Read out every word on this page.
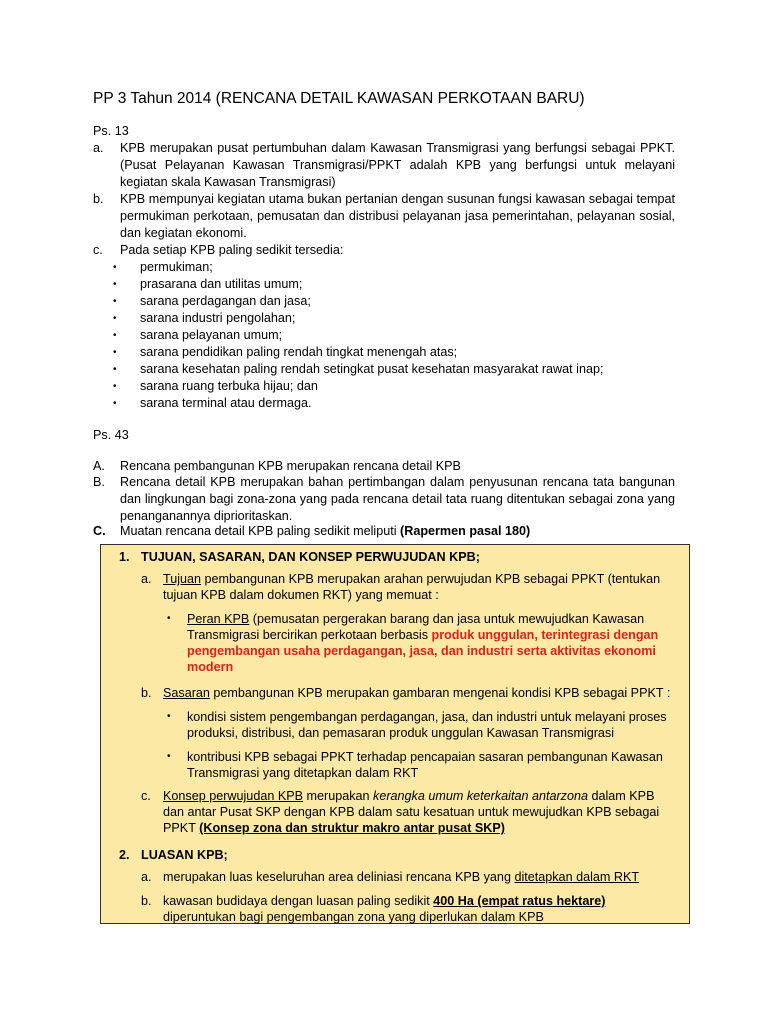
PP 3 Tahun 2014 (RENCANA DETAIL KAWASAN PERKOTAAN BARU)
Ps. 13
a.	KPB merupakan pusat pertumbuhan dalam Kawasan Transmigrasi yang berfungsi sebagai PPKT. (Pusat Pelayanan Kawasan Transmigrasi/PPKT adalah KPB yang berfungsi untuk melayani kegiatan skala Kawasan Transmigrasi)
b.	KPB mempunyai kegiatan utama bukan pertanian dengan susunan fungsi kawasan sebagai tempat permukiman perkotaan, pemusatan dan distribusi pelayanan jasa pemerintahan, pelayanan sosial, dan kegiatan ekonomi.
c.	Pada setiap KPB paling sedikit tersedia:
•	permukiman;
•	prasarana dan utilitas umum;
•	sarana perdagangan dan jasa;
•	sarana industri pengolahan;
•	sarana pelayanan umum;
•	sarana pendidikan paling rendah tingkat menengah atas;
•	sarana kesehatan paling rendah setingkat pusat kesehatan masyarakat rawat inap;
•	sarana ruang terbuka hijau; dan
•	sarana terminal atau dermaga.
Ps. 43
A.	Rencana pembangunan KPB merupakan rencana detail KPB
B.	Rencana detail KPB merupakan bahan pertimbangan dalam penyusunan rencana tata bangunan dan lingkungan bagi zona-zona yang pada rencana detail tata ruang ditentukan sebagai zona yang penanganannya diprioritaskan.
C.	Muatan rencana detail KPB paling sedikit meliputi (Rapermen pasal 180)
1. TUJUAN, SASARAN, DAN KONSEP PERWUJUDAN KPB;
a. Tujuan pembangunan KPB merupakan arahan perwujudan KPB sebagai PPKT (tentukan tujuan KPB dalam dokumen RKT) yang memuat :
•	Peran KPB (pemusatan pergerakan barang dan jasa untuk mewujudkan Kawasan Transmigrasi bercirikan perkotaan berbasis produk unggulan, terintegrasi dengan pengembangan usaha perdagangan, jasa, dan industri serta aktivitas ekonomi modern
b. Sasaran pembangunan KPB merupakan gambaran mengenai kondisi KPB sebagai PPKT :
•	kondisi sistem pengembangan perdagangan, jasa, dan industri untuk melayani proses produksi, distribusi, dan pemasaran produk unggulan Kawasan Transmigrasi
•	kontribusi KPB sebagai PPKT terhadap pencapaian sasaran pembangunan Kawasan Transmigrasi yang ditetapkan dalam RKT
c. Konsep perwujudan KPB merupakan kerangka umum keterkaitan antarzona dalam KPB dan antar Pusat SKP dengan KPB dalam satu kesatuan untuk mewujudkan KPB sebagai PPKT (Konsep zona dan struktur makro antar pusat SKP)
2. LUASAN KPB;
a. merupakan luas keseluruhan area deliniasi rencana KPB yang ditetapkan dalam RKT
b. kawasan budidaya dengan luasan paling sedikit 400 Ha (empat ratus hektare) diperuntukan bagi pengembangan zona yang diperlukan dalam KPB
